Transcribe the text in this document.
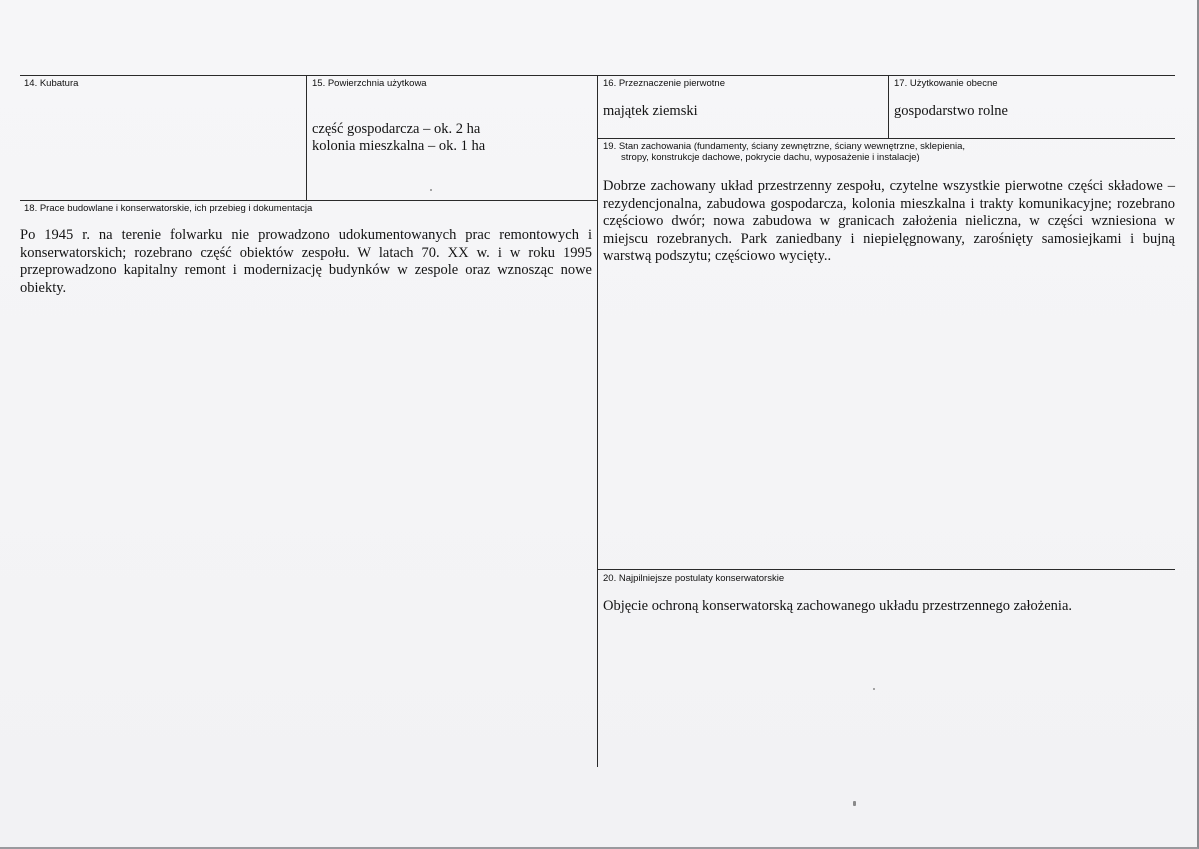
14. Kubatura	15. Powierzchnia użytkowa
część gospodarcza – ok. 2 ha
kolonia mieszkalna – ok. 1 ha
16. Przeznaczenie pierwotne
majątek ziemski
17. Użytkowanie obecne
gospodarstwo rolne
19. Stan zachowania (fundamenty, ściany zewnętrzne, ściany wewnętrzne, sklepienia,
stropy, konstrukcje dachowe, pokrycie dachu, wyposażenie i instalacje)
Dobrze zachowany układ przestrzenny zespołu, czytelne wszystkie pierwotne części składowe – rezydencjonalna, zabudowa gospodarcza, kolonia mieszkalna i trakty komunikacyjne; rozebrano częściowo dwór; nowa zabudowa w granicach założenia nieliczna, w części wzniesiona w miejscu rozebranych. Park zaniedbany i niepielęgnowany, zarośnięty samosiejkami i bujną warstwą podszytu; częściowo wycięty..
18. Prace budowlane i konserwatorskie, ich przebieg i dokumentacja
Po 1945 r. na terenie folwarku nie prowadzono udokumentowanych prac remontowych i konserwatorskich; rozebrano część obiektów zespołu. W latach 70. XX w. i w roku 1995 przeprowadzono kapitalny remont i modernizację budynków w zespole oraz wznosząc nowe obiekty.
20. Najpilniejsze postulaty konserwatorskie
Objęcie ochroną konserwatorską zachowanego układu przestrzennego założenia.
